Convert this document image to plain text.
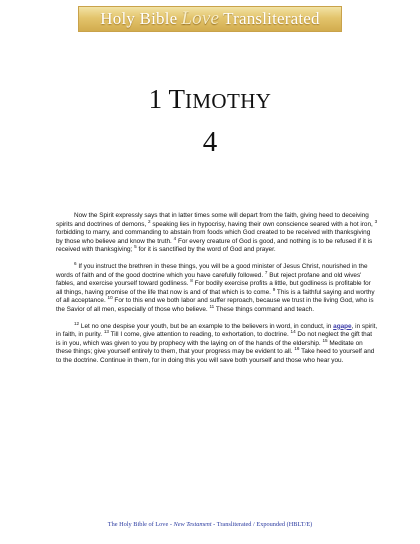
Holy Bible Love Transliterated
1 TIMOTHY
4

Now the Spirit expressly says that in latter times some will depart from the faith, giving heed to deceiving spirits and doctrines of demons, $^2$ speaking lies in hypocrisy, having their own conscience seared with a hot iron, $^3$ forbidding to marry, and commanding to abstain from foods which God created to be received with thanksgiving by those who believe and know the truth. $^4$ For every creature of God is good, and nothing is to be refused if it is received with thanksgiving; $^5$ for it is sanctified by the word of God and prayer.

$^6$ If you instruct the brethren in these things, you will be a good minister of Jesus Christ, nourished in the words of faith and of the good doctrine which you have carefully followed. $^7$ But reject profane and old wives' fables, and exercise yourself toward godliness. $^8$ For bodily exercise profits a little, but godliness is profitable for all things, having promise of the life that now is and of that which is to come. $^9$ This is a faithful saying and worthy of all acceptance. $^{10}$ For to this end we both labor and suffer reproach, because we trust in the living God, who is the Savior of all men, especially of those who believe. $^{11}$ These things command and teach.

$^{12}$ Let no one despise your youth, but be an example to the believers in word, in conduct, in agape, in spirit, in faith, in purity. $^{13}$ Till I come, give attention to reading, to exhortation, to doctrine. $^{14}$ Do not neglect the gift that is in you, which was given to you by prophecy with the laying on of the hands of the eldership. $^{15}$ Meditate on these things; give yourself entirely to them, that your progress may be evident to all. $^{16}$ Take heed to yourself and to the doctrine. Continue in them, for in doing this you will save both yourself and those who hear you.

The Holy Bible of Love - New Testament - Transliterated / Expounded (HBLT/E)
